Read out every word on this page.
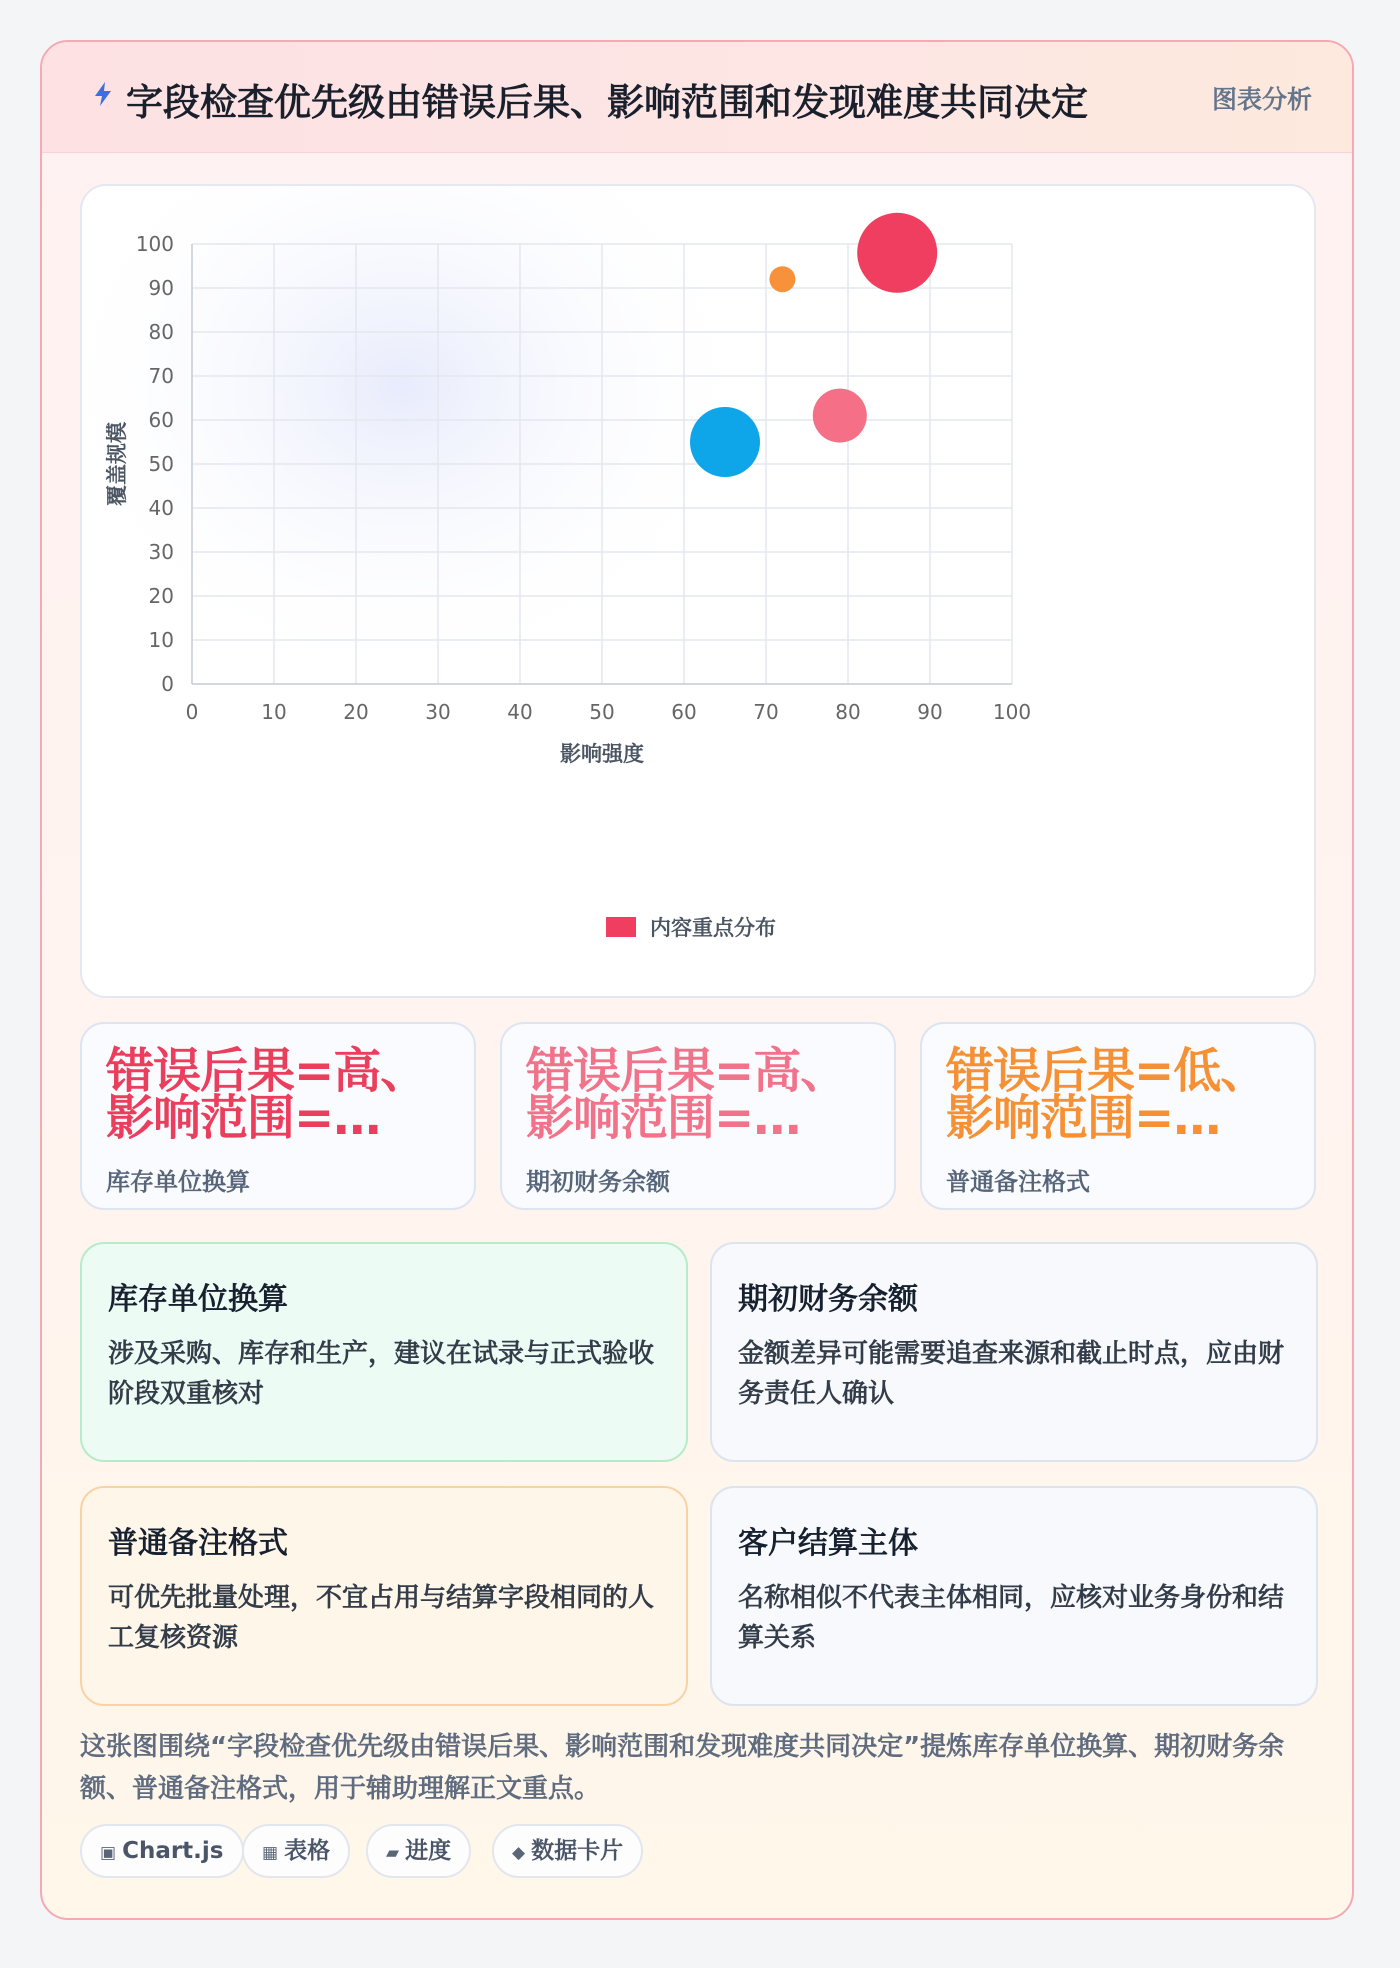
字段检查优先级由错误后果、影响范围和发现难度共同决定	图表分析
0	10	20	30	40	50	60	70	80	90	100
0
10
20
30
40
50
60
70
80
90
100
影响强度
覆盖规模
内容重点分布
错误后果=高、影响范围=…
库存单位换算
错误后果=高、影响范围=…
期初财务余额
错误后果=低、影响范围=…
普通备注格式
库存单位换算
涉及采购、库存和生产，建议在试录与正式验收阶段双重核对
期初财务余额
金额差异可能需要追查来源和截止时点，应由财务责任人确认
普通备注格式
可优先批量处理，不宜占用与结算字段相同的人工复核资源
客户结算主体
名称相似不代表主体相同，应核对业务身份和结算关系
这张图围绕“字段检查优先级由错误后果、影响范围和发现难度共同决定”提炼库存单位换算、期初财务余额、普通备注格式，用于辅助理解正文重点。
▣ Chart.js	▦ 表格	▰ 进度	◆ 数据卡片
